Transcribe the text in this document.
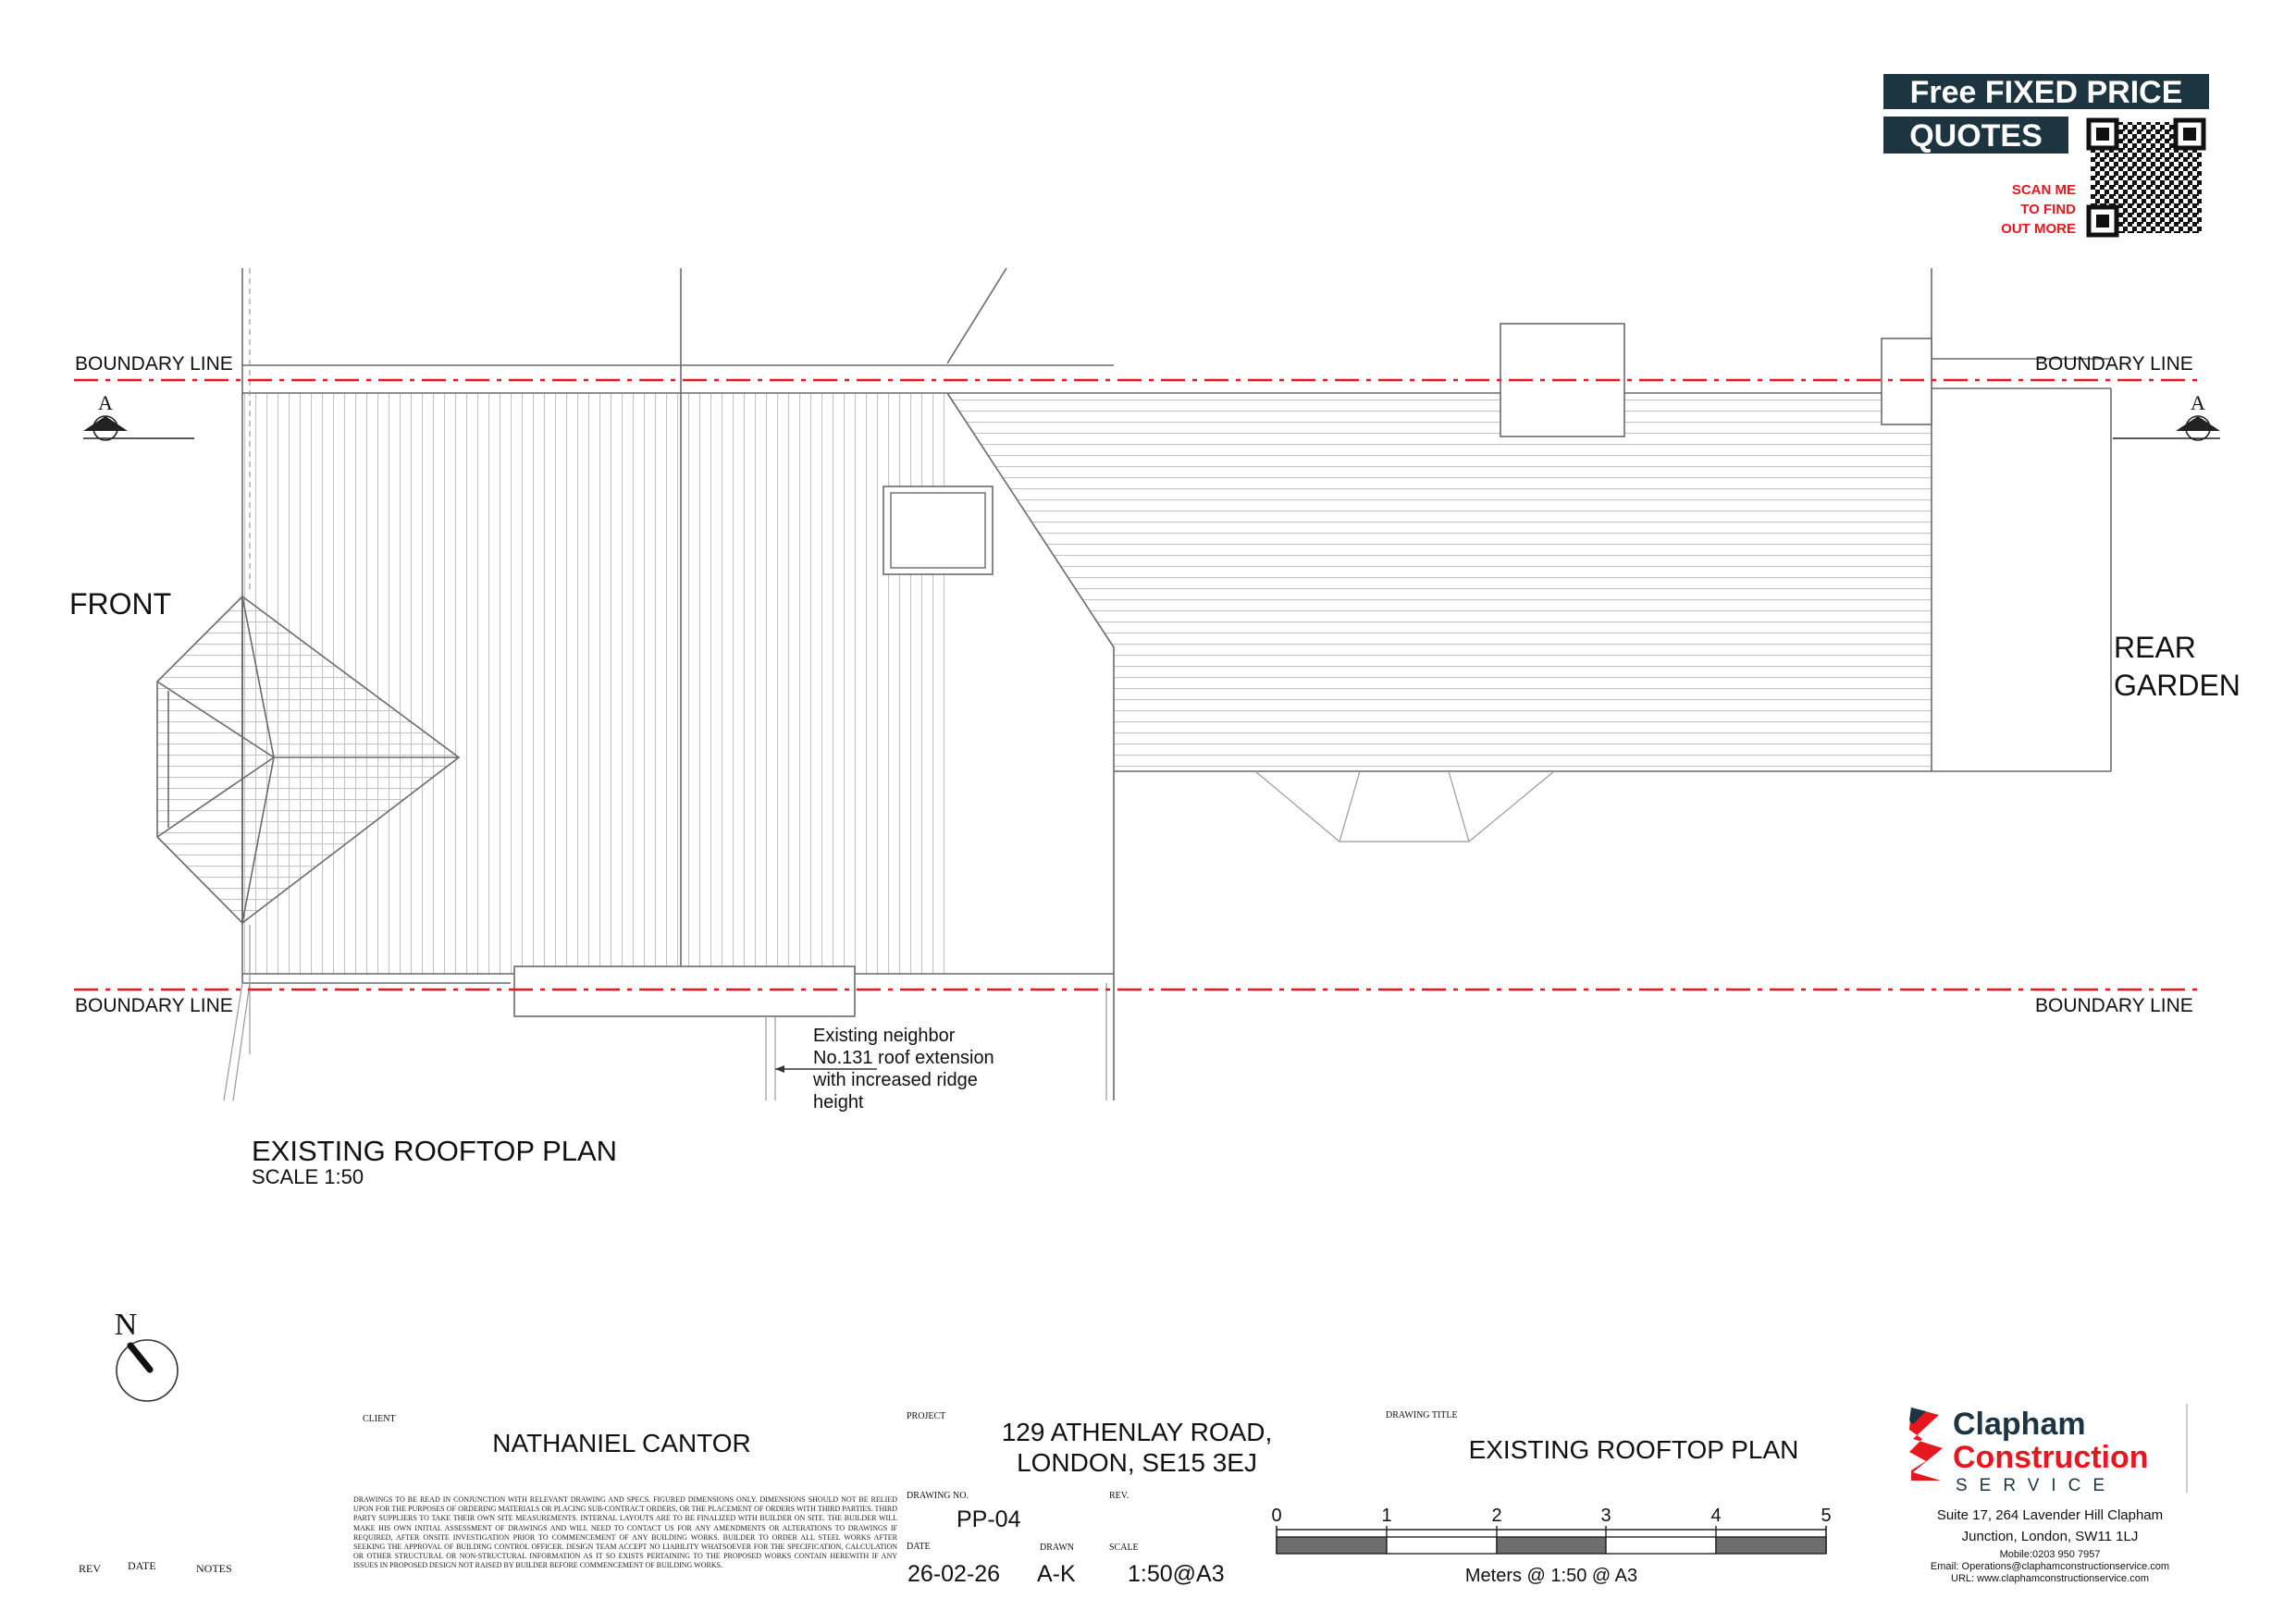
Free FIXED PRICE
QUOTES
SCAN ME
TO FIND
OUT MORE
A	A
BOUNDARY LINE	BOUNDARY LINE
BOUNDARY LINE	BOUNDARY LINE
FRONT
REAR
GARDEN
Existing neighbor
No.131 roof extension
with increased ridge
height
EXISTING ROOFTOP PLAN
SCALE 1:50
N
REV DATE	NOTES
CLIENT
NATHANIEL CANTOR
PROJECT
129 ATHENLAY ROAD,
LONDON, SE15 3EJ
DRAWING NO.
PP-04
REV.
DATE
26-02-26
DRAWN
A-K
SCALE
1:50@A3
DRAWING TITLE
EXISTING ROOFTOP PLAN
0	1	2	3	4	5
Meters @ 1:50 @ A3
Clapham
Construction
SERVICE
Suite 17, 264 Lavender Hill Clapham
Junction, London, SW11 1LJ
Mobile:0203 950 7957
Email: Operations@claphamconstructionservice.com
URL: www.claphamconstructionservice.com
DRAWINGS TO BE READ IN CONJUNCTION WITH RELEVANT DRAWING AND SPECS. FIGURED DIMENSIONS ONLY. DIMENSIONS SHOULD NOT BE RELIED UPON FOR THE PURPOSES OF ORDERING MATERIALS OR PLACING SUB-CONTRACT ORDERS, OR THE PLACEMENT OF ORDERS WITH THIRD PARTIES. THIRD PARTY SUPPLIERS TO TAKE THEIR OWN SITE MEASUREMENTS. INTERNAL LAYOUTS ARE TO BE FINALIZED WITH BUILDER ON SITE. THE BUILDER WILL MAKE HIS OWN INITIAL ASSESSMENT OF DRAWINGS AND WILL NEED TO CONTACT US FOR ANY AMENDMENTS OR ALTERATIONS TO DRAWINGS IF REQUIRED, AFTER ONSITE INVESTIGATION PRIOR TO COMMENCEMENT OF ANY BUILDING WORKS. BUILDER TO ORDER ALL STEEL WORKS AFTER SEEKING THE APPROVAL OF BUILDING CONTROL OFFICER. DESIGN TEAM ACCEPT NO LIABILITY WHATSOEVER FOR THE SPECIFICATION, CALCULATION OR OTHER STRUCTURAL OR NON-STRUCTURAL INFORMATION AS IT SO EXISTS PERTAINING TO THE PROPOSED WORKS CONTAIN HEREWITH IF ANY ISSUES IN PROPOSED DESIGN NOT RAISED BY BUILDER BEFORE COMMENCEMENT OF BUILDING WORKS.
